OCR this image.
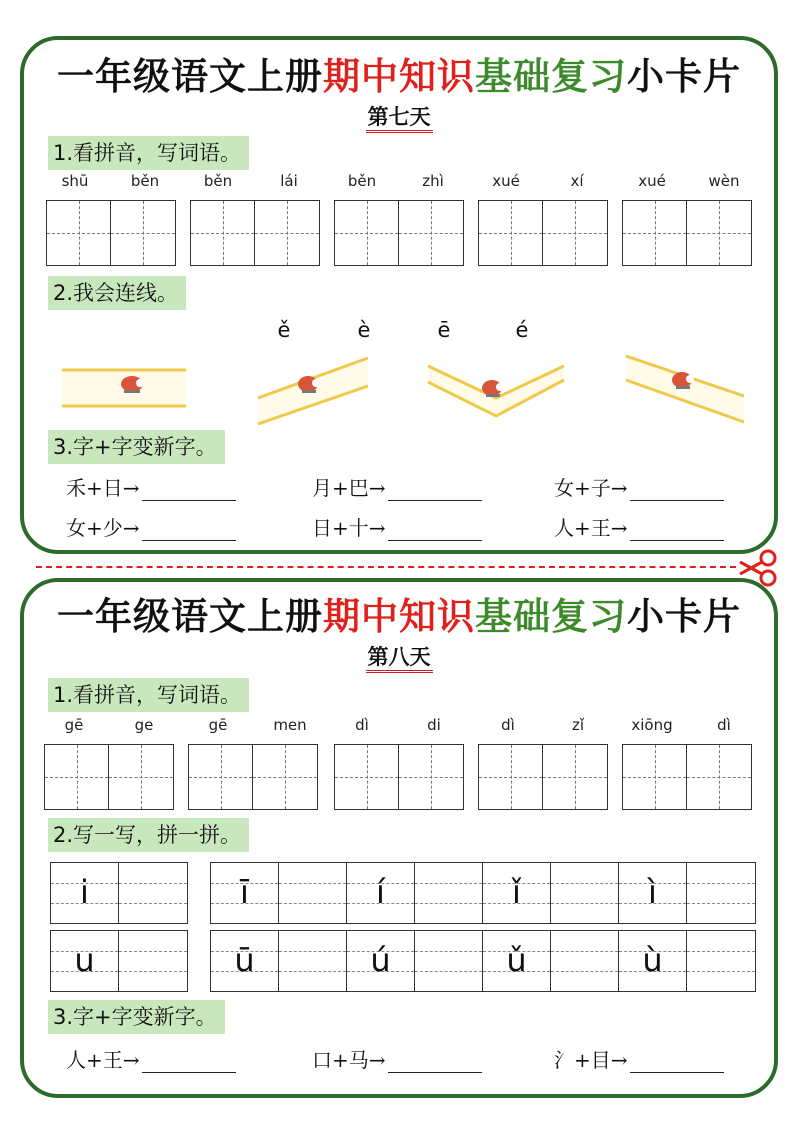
一年级语文上册期中知识基础复习小卡片
第七天
1.看拼音，写词语。
shū	běn	běn	lái	běn	zhì	xué	xí	xué	wèn
2.我会连线。
ě	è	ē	é
3.字+字变新字。
禾+日→	月+巴→	女+子→
女+少→	日+十→	人+王→
一年级语文上册期中知识基础复习小卡片
第八天
1.看拼音，写词语。
gē	ge	gē	men	dì	di	dì	zǐ	xiōng	dì
2.写一写，拼一拼。
i	ī	í	ǐ	ì
u	ū	ú	ǔ	ù
3.字+字变新字。
人+王→	口+马→	氵+目→
